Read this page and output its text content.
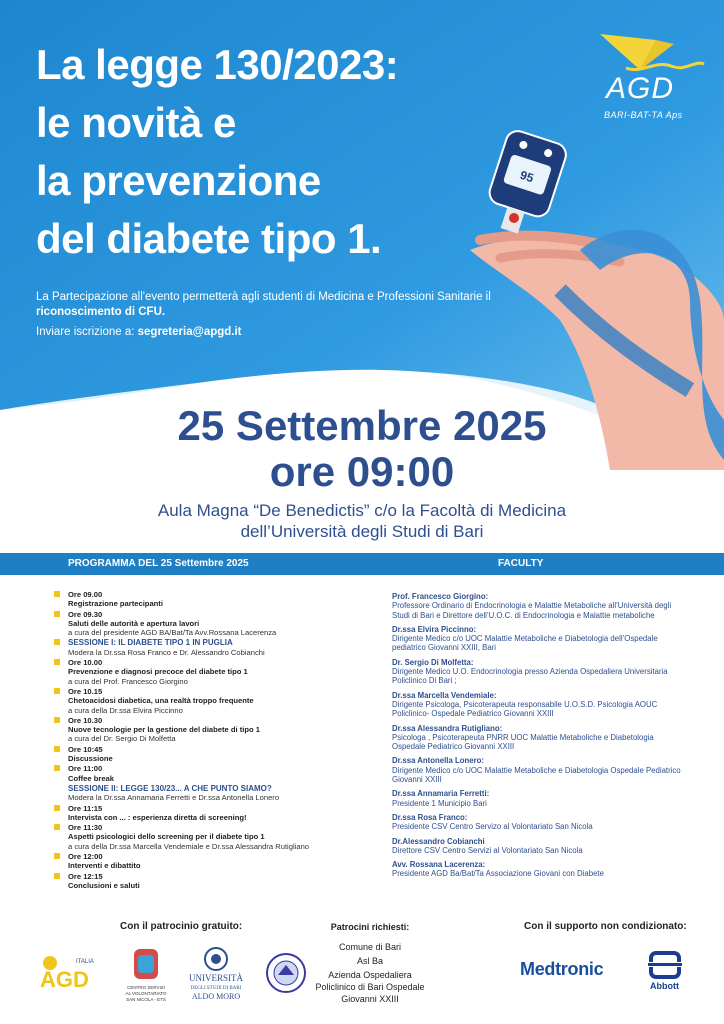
95
La legge 130/2023:
le novità e
la prevenzione
del diabete tipo 1.
La Partecipazione all'evento permetterà agli studenti di Medicina e Professioni Sanitarie il riconoscimento di CFU.
Inviare iscrizione a: segreteria@apgd.it
AGD
BARI-BAT-TA Aps
25 Settembre 2025
ore 09:00
Aula Magna “De Benedictis” c/o la Facoltà di Medicina
dell’Università degli Studi di Bari
PROGRAMMA DEL 25 Settembre 2025	FACULTY
Ore 09.00
Registrazione partecipanti
Ore 09.30
Saluti delle autorità e apertura lavori
a cura del presidente AGD BA/Bat/Ta Avv.Rossana Lacerenza
SESSIONE I: IL DIABETE TIPO 1 IN PUGLIA
Modera la Dr.ssa Rosa Franco e Dr. Alessandro Cobianchi
Ore 10.00
Prevenzione e diagnosi precoce del diabete tipo 1
a cura del Prof. Francesco Giorgino
Ore 10.15
Chetoacidosi diabetica, una realtà troppo frequente
a cura della Dr.ssa Elvira Piccinno
Ore 10.30
Nuove tecnologie per la gestione del diabete di tipo 1
a cura del Dr. Sergio Di Molfetta
Ore 10:45
Discussione
Ore 11:00
Coffee break
SESSIONE II: LEGGE 130/23... A CHE PUNTO SIAMO?
Modera la Dr.ssa Annamaria Ferretti e Dr.ssa Antonella Lonero
Ore 11:15
Intervista con ... : esperienza diretta di screening!
Ore 11:30
Aspetti psicologici dello screening per il diabete tipo 1
a cura della Dr.ssa Marcella Vendemiale e Dr.ssa Alessandra Rutigliano
Ore 12:00
Interventi e dibattito
Ore 12:15
Conclusioni e saluti
Prof. Francesco Giorgino:
Professore Ordinario di Endocrinologia e Malattie Metaboliche all’Università degli Studi di Bari e Direttore dell’U.O.C. di Endocrinologia e Malattie metaboliche
Dr.ssa Elvira Piccinno:
Dirigente Medico c/o UOC Malattie Metaboliche e Diabetologia dell’Ospedale pediatrico Giovanni XXIII, Bari
Dr. Sergio Di Molfetta:
Dirigente Medico U.O. Endocrinologia presso Azienda Ospedaliera Universitaria Policlinico Di Bari ;
Dr.ssa Marcella Vendemiale:
Dirigente Psicologa, Psicoterapeuta responsabile U.O.S.D. Psicologia AOUC Policlinico- Ospedale Pediatrico Giovanni XXIII
Dr.ssa Alessandra Rutigliano:
Psicologa , Psicoterapeuta PNRR UOC Malattie Metaboliche e Diabetologia Ospedale Pediatrico Giovanni XXIII
Dr.ssa Antonella Lonero:
Dirigente Medico c/o UOC Malattie Metaboliche e Diabetologia Ospedale Pediatrico Giovanni XXIII
Dr.ssa Annamaria Ferretti:
Presidente 1 Municipio Bari
Dr.ssa Rosa Franco:
Presidente CSV Centro Servizo al Volontariato San Nicola
Dr.Alessandro Cobianchi
Direttore CSV Centro Servizi al Volontariato San Nicola
Avv. Rossana Lacerenza:
Presidente AGD Ba/Bat/Ta Associazione Giovani con Diabete
Con il patrocinio gratuito:
ITALIA
AGD	CENTRO SERVIZI
AL VOLONTARIATO
SAN NICOLA - ETS
UNIVERSITÀ
DEGLI STUDI DI BARI
ALDO MORO
Patrocini richiesti:
Comune di Bari
Asl Ba
Azienda Ospedaliera Policlinico di Bari Ospedale Giovanni XXIII
Con il supporto non condizionato:
Medtronic
Abbott
